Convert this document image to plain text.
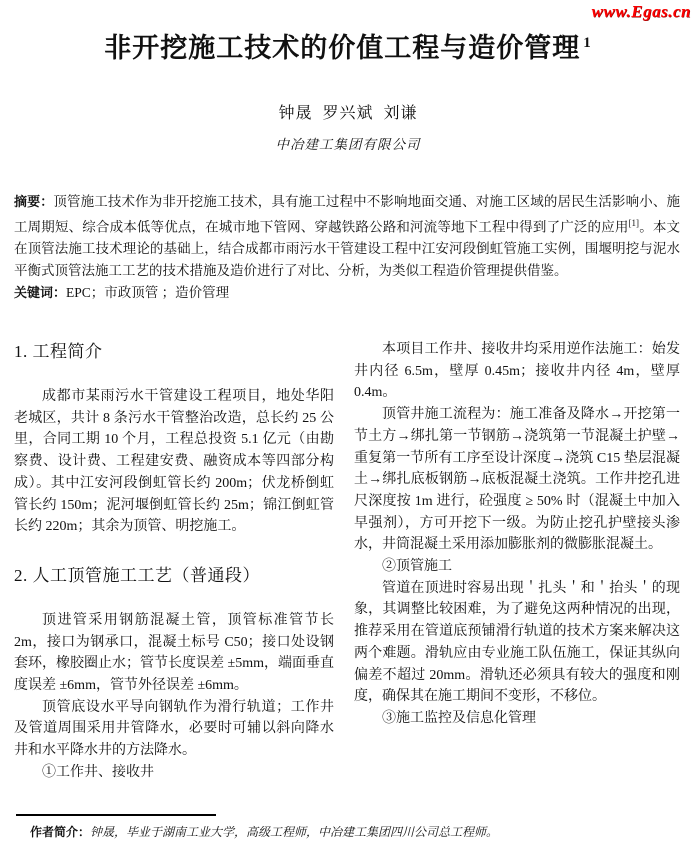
www.Egas.cn
非开挖施工技术的价值工程与造价管理 $^1$
钟晟  罗兴斌  刘谦
中冶建工集团有限公司

摘要：顶管施工技术作为非开挖施工技术，具有施工过程中不影响地面交通、对施工区域的居民生活影响小、施工周期短、综合成本低等优点，在城市地下管网、穿越铁路公路和河流等地下工程中得到了广泛的应用[1]。本文在顶管法施工技术理论的基础上，结合成都市雨污水干管建设工程中江安河段倒虹管施工实例，围堰明挖与泥水平衡式顶管法施工工艺的技术措施及造价进行了对比、分析，为类似工程造价管理提供借鉴。

关键词：EPC；市政顶管 ；造价管理

1. 工程简介

成都市某雨污水干管建设工程项目，地处华阳老城区，共计 8 条污水干管整治改造，总长约 25 公里，合同工期 10 个月，工程总投资 5.1 亿元（由勘察费、设计费、工程建安费、融资成本等四部分构成）。其中江安河段倒虹管长约 200m；伏龙桥倒虹管长约 150m；泥河堰倒虹管长约 25m；锦江倒虹管长约 220m；其余为顶管、明挖施工。

2. 人工顶管施工工艺（普通段）

顶进管采用钢筋混凝土管，顶管标准管节长 2m，接口为钢承口，混凝土标号 C50；接口处设钢套环，橡胶圈止水；管节长度误差 ±5mm，端面垂直度误差 ±6mm，管节外径误差 ±6mm。

顶管底设水平导向钢轨作为滑行轨道；工作井及管道周围采用井管降水，必要时可辅以斜向降水井和水平降水井的方法降水。

①工作井、接收井

本项目工作井、接收井均采用逆作法施工：始发井内径 6.5m，壁厚 0.45m；接收井内径 4m，壁厚 0.4m。

顶管井施工流程为：施工准备及降水→开挖第一节土方→绑扎第一节钢筋→浇筑第一节混凝土护壁→重复第一节所有工序至设计深度→浇筑 C15 垫层混凝土→绑扎底板钢筋→底板混凝土浇筑。工作井挖孔进尺深度按 1m 进行，砼强度 ≥ 50% 时（混凝土中加入早强剂），方可开挖下一级。为防止挖孔护壁接头渗水，井筒混凝土采用添加膨胀剂的微膨胀混凝土。

②顶管施工

管道在顶进时容易出现＇扎头＇和＇抬头＇的现象，其调整比较困难，为了避免这两种情况的出现，推荐采用在管道底预铺滑行轨道的技术方案来解决这两个难题。滑轨应由专业施工队伍施工，保证其纵向偏差不超过 20mm。滑轨还必须具有较大的强度和刚度，确保其在施工期间不变形，不移位。

③施工监控及信息化管理

作者简介：钟晟，毕业于湖南工业大学，高级工程师，中冶建工集团四川公司总工程师。
